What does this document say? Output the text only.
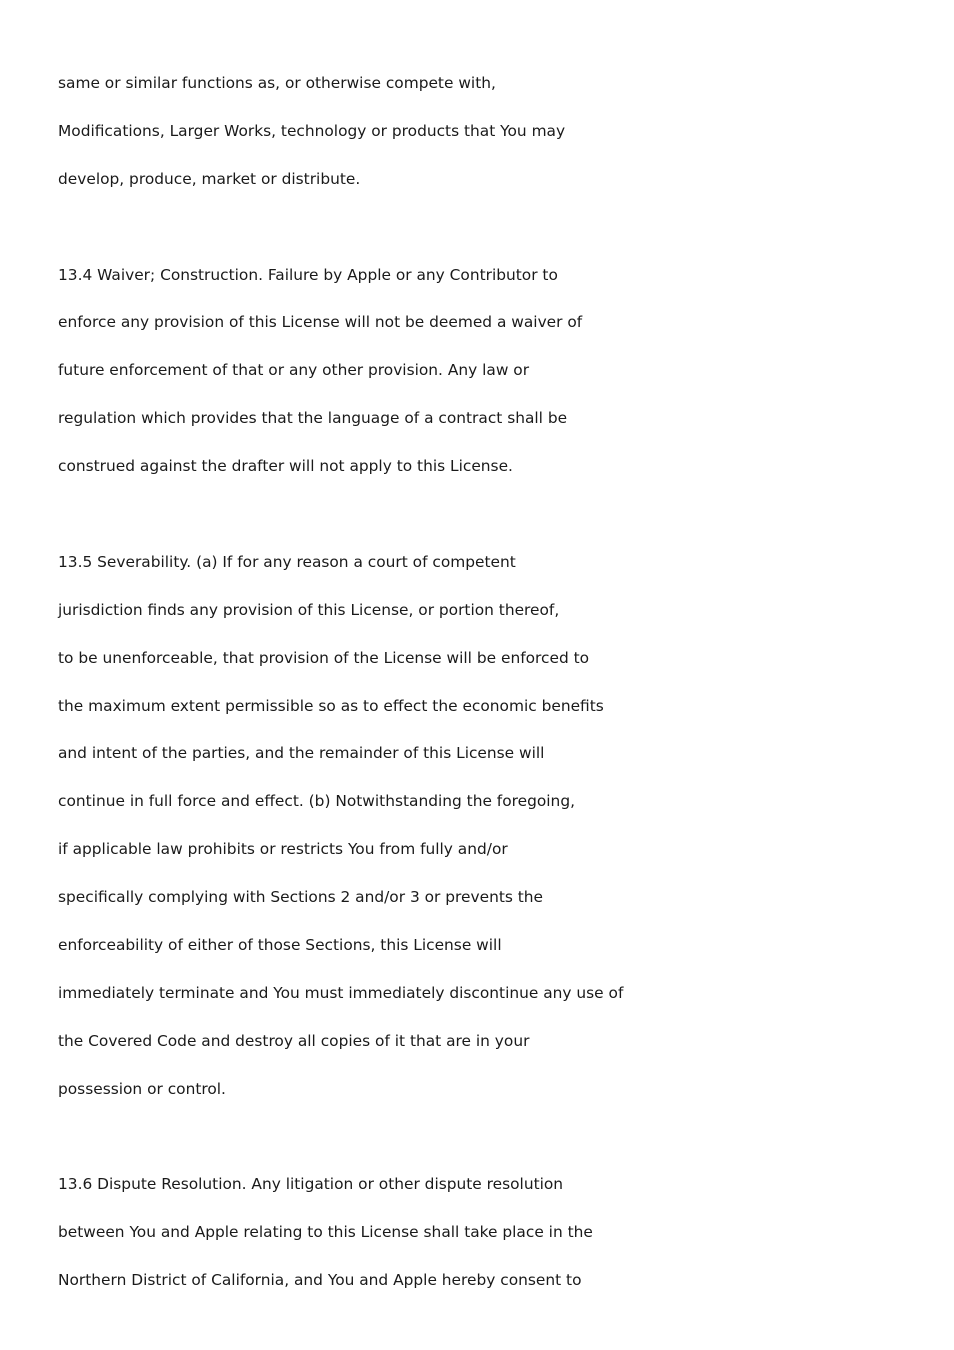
same or similar functions as, or otherwise compete with,
Modifications, Larger Works, technology or products that You may
develop, produce, market or distribute.
13.4 Waiver; Construction. Failure by Apple or any Contributor to
enforce any provision of this License will not be deemed a waiver of
future enforcement of that or any other provision. Any law or
regulation which provides that the language of a contract shall be
construed against the drafter will not apply to this License.
13.5 Severability. (a) If for any reason a court of competent
jurisdiction finds any provision of this License, or portion thereof,
to be unenforceable, that provision of the License will be enforced to
the maximum extent permissible so as to effect the economic benefits
and intent of the parties, and the remainder of this License will
continue in full force and effect. (b) Notwithstanding the foregoing,
if applicable law prohibits or restricts You from fully and/or
specifically complying with Sections 2 and/or 3 or prevents the
enforceability of either of those Sections, this License will
immediately terminate and You must immediately discontinue any use of
the Covered Code and destroy all copies of it that are in your
possession or control.
13.6 Dispute Resolution. Any litigation or other dispute resolution
between You and Apple relating to this License shall take place in the
Northern District of California, and You and Apple hereby consent to
